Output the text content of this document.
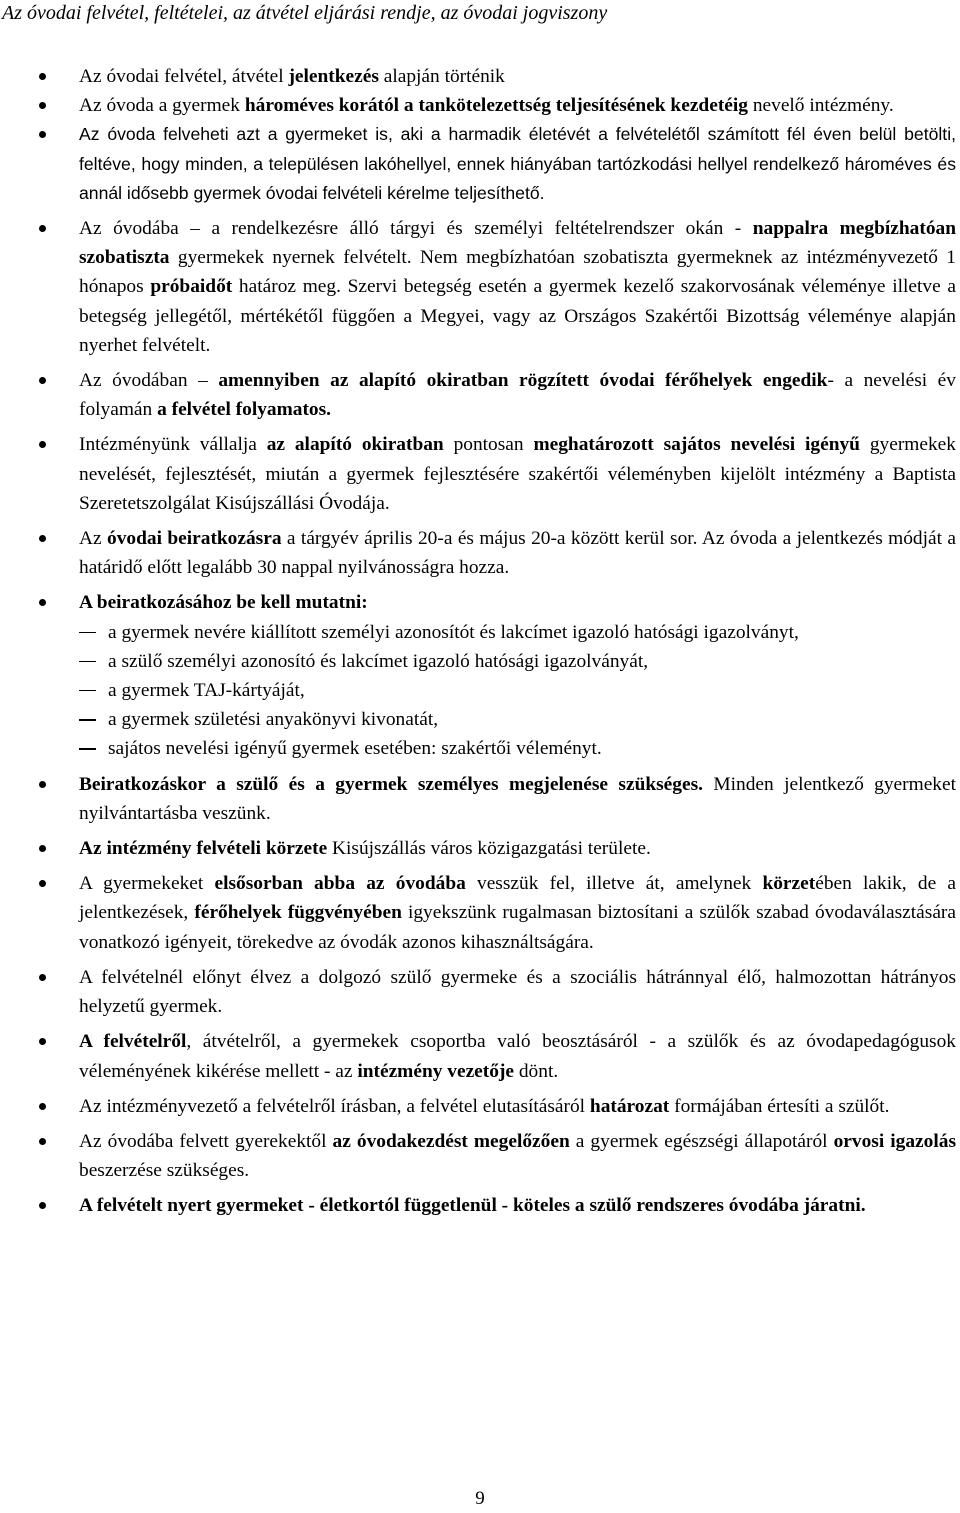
Az óvodai felvétel, feltételei, az átvétel eljárási rendje, az óvodai jogviszony
Az óvodai felvétel, átvétel jelentkezés alapján történik
Az óvoda a gyermek hároméves korától a tankötelezettség teljesítésének kezdetéig nevelő intézmény.
Az óvoda felveheti azt a gyermeket is, aki a harmadik életévét a felvételétől számított fél éven belül betölti, feltéve, hogy minden, a településen lakóhellyel, ennek hiányában tartózkodási hellyel rendelkező hároméves és annál idősebb gyermek óvodai felvételi kérelme teljesíthető.
Az óvodába – a rendelkezésre álló tárgyi és személyi feltételrendszer okán - nappalra megbízhatóan szobatiszta gyermekek nyernek felvételt. Nem megbízhatóan szobatiszta gyermeknek az intézményvezető 1 hónapos próbaidőt határoz meg. Szervi betegség esetén a gyermek kezelő szakorvosának véleménye illetve a betegség jellegétől, mértékétől függően a Megyei, vagy az Országos Szakértői Bizottság véleménye alapján nyerhet felvételt.
Az óvodában – amennyiben az alapító okiratban rögzített óvodai férőhelyek engedik- a nevelési év folyamán a felvétel folyamatos.
Intézményünk vállalja az alapító okiratban pontosan meghatározott sajátos nevelési igényű gyermekek nevelését, fejlesztését, miután a gyermek fejlesztésére szakértői véleményben kijelölt intézmény a Baptista Szeretetszolgálat Kisújszállási Óvodája.
Az óvodai beiratkozásra a tárgyév április 20-a és május 20-a között kerül sor. Az óvoda a jelentkezés módját a határidő előtt legalább 30 nappal nyilvánosságra hozza.
A beiratkozásához be kell mutatni:
a gyermek nevére kiállított személyi azonosítót és lakcímet igazoló hatósági igazolványt,
a szülő személyi azonosító és lakcímet igazoló hatósági igazolványát,
a gyermek TAJ-kártyáját,
a gyermek születési anyakönyvi kivonatát,
sajátos nevelési igényű gyermek esetében: szakértői véleményt.
Beiratkozáskor a szülő és a gyermek személyes megjelenése szükséges. Minden jelentkező gyermeket nyilvántartásba veszünk.
Az intézmény felvételi körzete Kisújszállás város közigazgatási területe.
A gyermekeket elsősorban abba az óvodába vesszük fel, illetve át, amelynek körzetében lakik, de a jelentkezések, férőhelyek függvényében igyekszünk rugalmasan biztosítani a szülők szabad óvodaválasztására vonatkozó igényeit, törekedve az óvodák azonos kihasználtságára.
A felvételnél előnyt élvez a dolgozó szülő gyermeke és a szociális hátránnyal élő, halmozottan hátrányos helyzetű gyermek.
A felvételről, átvételről, a gyermekek csoportba való beosztásáról - a szülők és az óvodapedagógusok véleményének kikérése mellett - az intézmény vezetője dönt.
Az intézményvezető a felvételről írásban, a felvétel elutasításáról határozat formájában értesíti a szülőt.
Az óvodába felvett gyerekektől az óvodakezdést megelőzően a gyermek egészségi állapotáról orvosi igazolás beszerzése szükséges.
A felvételt nyert gyermeket - életkortól függetlenül - köteles a szülő rendszeres óvodába járatni.
9
